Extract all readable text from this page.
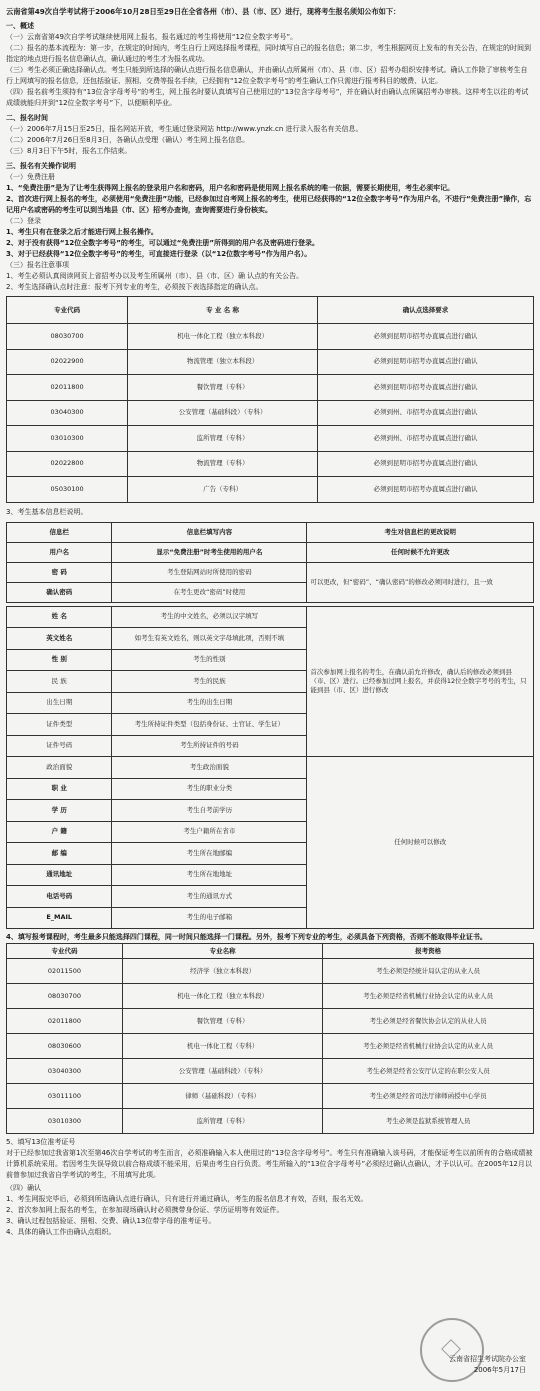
云南省第49次自学考试将于2006年10月28日至29日在全省各州（市）、县（市、区）进行，现将考生报名须知公布如下：
一、概述

（一）云南省第49次自学考试继续使用网上报名，报名通过的考生将使用“12位全数字考号”。

（二）报名的基本流程为：第一步，在规定的时间内，考生自行上网选择报考课程，同时填写自己的报名信息；第二步，考生根据网页上发布的有关公告，在规定的时间到指定的地点进行报名信息确认点，确认通过的考生才为报名成功。

（三）考生必须正确选择确认点。考生只能到所选择的确认点进行报名信息确认，并由确认点所属州（市）、县（市、区）招考办组织安排考试。确认工作除了审核考生自行上网填写的报名信息，还包括验证、照相、交费等报名手续，已经拥有“12位全数字考号”的考生确认工作只需进行报考科目的缴费、认定。

（四）报名前考生须持有“13位含字母考号”的考生，网上报名时要认真填写自己使用过的“13位含字母考号”，并在确认时由确认点所属招考办审核。这样考生以往的考试成绩就能归并到“12位全数字考号”下，以便顺利毕业。

二、报名时间

（一）2006年7月15日至25日，报名网站开放，考生通过登录网站 http://www.ynzk.cn 进行录入报名有关信息。

（二）2006年7月26日至8月3日，各确认点受理（确认）考生网上报名信息。

（三）8月3日下午5时，报名工作结束。

三、报名有关操作说明

（一）免费注册

1、“免费注册”是为了让考生获得网上报名的登录用户名和密码，用户名和密码是使用网上报名系统的唯一依据，需要长期使用，考生必须牢记。

2、首次进行网上报名的考生，必须使用“免费注册”功能，已经参加过自考网上报名的考生，使用已经获得的“12位全数字考号”作为用户名，不进行“免费注册”操作，忘记用户名或密码的考生可以到当地县（市、区）招考办查询，查询需要进行身份核实。

（二）登录

1、考生只有在登录之后才能进行网上报名操作。

2、对于没有获得“12位全数字考号”的考生，可以通过“免费注册”所得到的用户名及密码进行登录。

3、对于已经获得“12位全数字考号”的考生，可直接进行登录（以“12位数字考号”作为用户名）。

（三）报名注意事项

1、考生必须认真阅读网页上省招考办以及考生所属州（市）、县（市、区）确 认点的有关公告。

2、考生选择确认点时注意：报考下列专业的考生，必须按下表选择指定的确认点。

专业代码	专 业 名 称	确认点选择要求
08030700	机电一体化工程（独立本科段）	必须到昆明市招考办直属点进行确认
02022900	物流管理（独立本科段）	必须到昆明市招考办直属点进行确认
02011800	餐饮管理（专科）	必须到昆明市招考办直属点进行确认
03040300	公安管理（基础科段）（专科）	必须到州、市招考办直属点进行确认
03010300	监所管理（专科）	必须到州、市招考办直属点进行确认
02022800	物流管理（专科）	必须到昆明市招考办直属点进行确认
05030100	广告（专科）	必须到昆明市招考办直属点进行确认

3、考生基本信息栏说明。

信息栏	信息栏填写内容	考生对信息栏的更改说明
用户名	显示“免费注册”时考生使用的用户名	任何时候不允许更改
密 码	考生登陆网站时所使用的密码	可以更改，但“密码”、“确认密码”的修改必须同时进行，且一致
确认密码	在考生更改“密码”时使用	
姓 名	考生的中文姓名，必须以汉字填写	首次参加网上报名的考生，在确认前允许修改，确认后的修改必须到县（市、区）进行。已经参加过网上报名，并获得12位全数字考号的考生，只能到县（市、区）进行修改
英文姓名	如考生有英文姓名，则以英文字母填此项，否则不填	
性 别	考生的性别	
民 族	考生的民族	
出生日期	考生的出生日期	
证件类型	考生所持证件类型（包括身份证、士官证、学生证）	
证件号码	考生所持证件的号码	
政治面貌	考生政治面貌	任何时候可以修改
职 业	考生的职业分类	
学 历	考生自考前学历	
户 籍	考生户籍所在省市	
邮 编	考生所在地邮编	
通讯地址	考生所在地地址	
电话号码	考生的通讯方式	
E_MAIL	考生的电子邮箱	

4、填写报考课程时，考生最多只能选择四门课程，同一时间只能选择一门课程。另外，报考下列专业的考生，必须具备下列资格，否则不能取得毕业证书。

专业代码	专业名称	报考资格
02011500	经济学（独立本科段）	考生必须是经统计局认定的从业人员
08030700	机电一体化工程（独立本科段）	考生必须是经省机械行业协会认定的从业人员
02011800	餐饮管理（专科）	考生必须是经省餐饮协会认定的从业人员
08030600	机电一体化工程（专科）	考生必须是经省机械行业协会认定的从业人员
03040300	公安管理（基础科段）（专科）	考生必须是经省公安厅认定的在职公安人员
03011100	律师（基础科段）（专科）	考生必须是经省司法厅律师函授中心学员
03010300	监所管理（专科）	考生必须是监狱系统管理人员

5、填写13位准考证号

对于已经参加过我省第1次至第46次自学考试的考生而言，必须准确输入本人使用过的“13位含字母考号”。考生只有准确输入该号码，才能保证考生以前所有的合格成绩被计算机系统采用。若因考生失误导致以前合格成绩不能采用，后果由考生自行负责。考生所输入的“13位含字母考号”必须经过确认点确认，才予以认可。在2005年12月以前曾参加过我省自学考试的考生，不用填写此项。

（四）确认

1、考生网报完毕后，必须到所选确认点进行确认，只有进行并通过确认，考生的报名信息才有效，否则，报名无效。

2、首次参加网上报名的考生，在参加现场确认时必须携带身份证、学历证明等有效证件。

3、确认过程包括验证、照相、交费、确认13位带字母的准考证号。

4、具体的确认工作由确认点组织。

云南省招生考试院办公室
2006年5月17日
